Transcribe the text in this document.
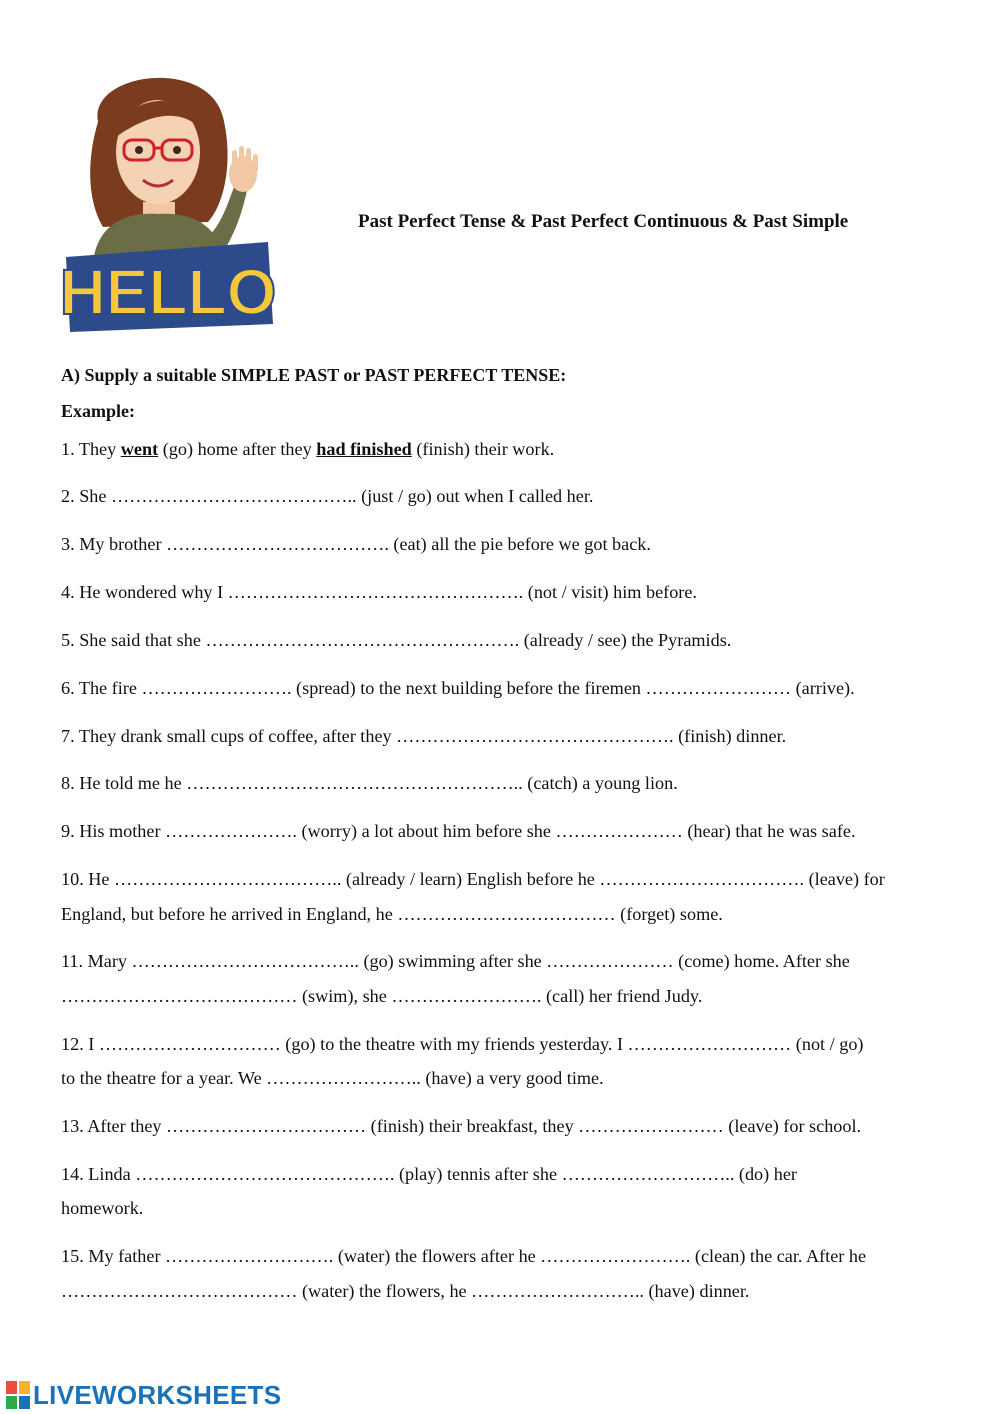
HELLO
Past Perfect Tense & Past Perfect Continuous & Past Simple
A) Supply a suitable SIMPLE PAST or PAST PERFECT TENSE:
Example:
1. They went (go) home after they had finished (finish) their work.
2. She ………………………………….. (just / go) out when I called her.
3. My brother ………………………………. (eat) all the pie before we got back.
4. He wondered why I …………………………………………. (not / visit) him before.
5. She said that she ……………………………………………. (already / see) the Pyramids.
6. The fire ……………………. (spread) to the next building before the firemen …………………… (arrive).
7. They drank small cups of coffee, after they ………………………………………. (finish) dinner.
8. He told me he ……………………………………………….. (catch) a young lion.
9. His mother …………………. (worry) a lot about him before she ………………… (hear) that he was safe.
10. He ……………………………….. (already / learn) English before he ……………………………. (leave) for
England, but before he arrived in England, he ……………………………… (forget) some.
11. Mary ……………………………….. (go) swimming after she ………………… (come) home. After she
………………………………… (swim), she ……………………. (call) her friend Judy.
12. I ………………………… (go) to the theatre with my friends yesterday. I ……………………… (not / go)
to the theatre for a year. We …………………….. (have) a very good time.
13. After they …………………………… (finish) their breakfast, they …………………… (leave) for school.
14. Linda ……………………………………. (play) tennis after she ……………………….. (do) her
homework.
15. My father ………………………. (water) the flowers after he ……………………. (clean) the car. After he
………………………………… (water) the flowers, he ……………………….. (have) dinner.
LIVEWORKSHEETS
